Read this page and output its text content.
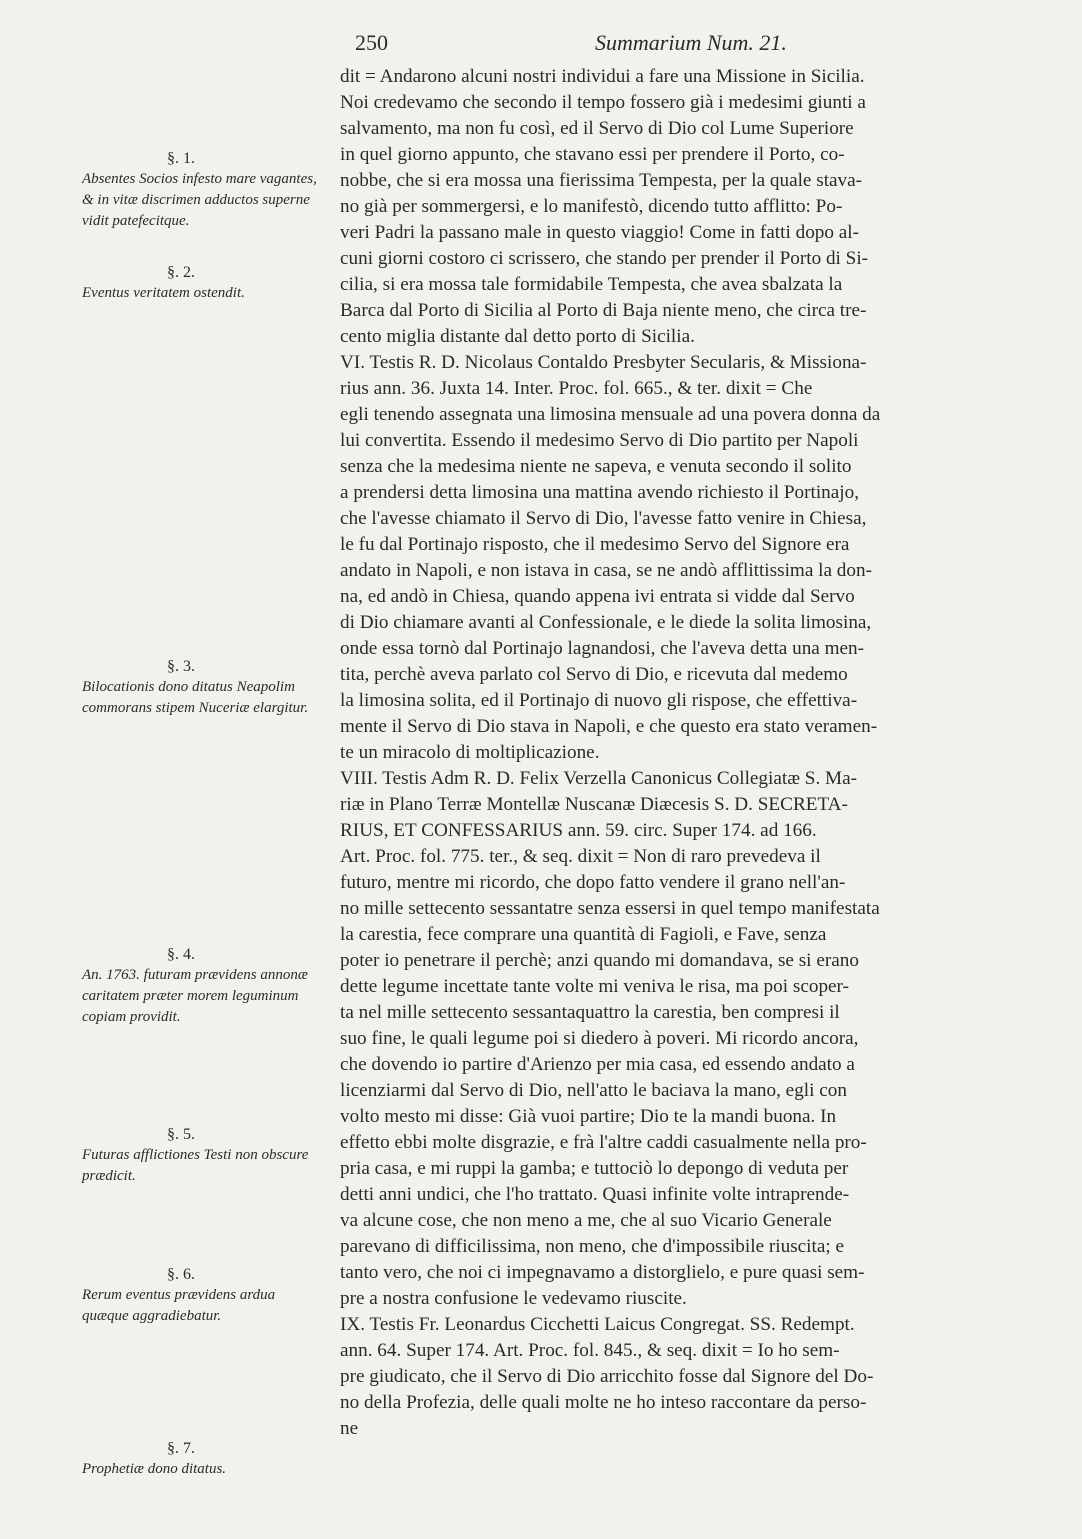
250	Summarium Num. 21.
§. 1.
Absentes Socios infesto mare vagantes, & in vitæ discrimen adductos superne vidit patefecitque.
§. 2.
Eventus veritatem ostendit.
§. 3.
Bilocationis dono ditatus Neapolim commorans stipem Nuceriæ elargitur.
§. 4.
An. 1763. futuram prævidens annonæ caritatem præter morem leguminum copiam providit.
§. 5.
Futuras afflictiones Testi non obscure prædicit.
§. 6.
Rerum eventus prævidens ardua quæque aggradiebatur.
§. 7.
Prophetiæ dono ditatus.
dit = Andarono alcuni nostri individui a fare una Missione in Sicilia.
Noi credevamo che secondo il tempo fossero già i medesimi giunti a
salvamento, ma non fu così, ed il Servo di Dio col Lume Superiore
in quel giorno appunto, che stavano essi per prendere il Porto, co-
nobbe, che si era mossa una fierissima Tempesta, per la quale stava-
no già per sommergersi, e lo manifestò, dicendo tutto afflitto: Po-
veri Padri la passano male in questo viaggio! Come in fatti dopo al-
cuni giorni costoro ci scrissero, che stando per prender il Porto di Si-
cilia, si era mossa tale formidabile Tempesta, che avea sbalzata la
Barca dal Porto di Sicilia al Porto di Baja niente meno, che circa tre-
cento miglia distante dal detto porto di Sicilia.
VI. Testis R. D. Nicolaus Contaldo Presbyter Secularis, & Missiona-
rius ann. 36. Juxta 14. Inter. Proc. fol. 665., & ter. dixit = Che
egli tenendo assegnata una limosina mensuale ad una povera donna da
lui convertita. Essendo il medesimo Servo di Dio partito per Napoli
senza che la medesima niente ne sapeva, e venuta secondo il solito
a prendersi detta limosina una mattina avendo richiesto il Portinajo,
che l'avesse chiamato il Servo di Dio, l'avesse fatto venire in Chiesa,
le fu dal Portinajo risposto, che il medesimo Servo del Signore era
andato in Napoli, e non istava in casa, se ne andò afflittissima la don-
na, ed andò in Chiesa, quando appena ivi entrata si vidde dal Servo
di Dio chiamare avanti al Confessionale, e le diede la solita limosina,
onde essa tornò dal Portinajo lagnandosi, che l'aveva detta una men-
tita, perchè aveva parlato col Servo di Dio, e ricevuta dal medemo
la limosina solita, ed il Portinajo di nuovo gli rispose, che effettiva-
mente il Servo di Dio stava in Napoli, e che questo era stato veramen-
te un miracolo di moltiplicazione.
VIII. Testis Adm R. D. Felix Verzella Canonicus Collegiatæ S. Ma-
riæ in Plano Terræ Montellæ Nuscanæ Diæcesis S. D. SECRETA-
RIUS, ET CONFESSARIUS ann. 59. circ. Super 174. ad 166.
Art. Proc. fol. 775. ter., & seq. dixit = Non di raro prevedeva il
futuro, mentre mi ricordo, che dopo fatto vendere il grano nell'an-
no mille settecento sessantatre senza essersi in quel tempo manifestata
la carestia, fece comprare una quantità di Fagioli, e Fave, senza
poter io penetrare il perchè; anzi quando mi domandava, se si erano
dette legume incettate tante volte mi veniva le risa, ma poi scoper-
ta nel mille settecento sessantaquattro la carestia, ben compresi il
suo fine, le quali legume poi si diedero à poveri. Mi ricordo ancora,
che dovendo io partire d'Arienzo per mia casa, ed essendo andato a
licenziarmi dal Servo di Dio, nell'atto le baciava la mano, egli con
volto mesto mi disse: Già vuoi partire; Dio te la mandi buona. In
effetto ebbi molte disgrazie, e frà l'altre caddi casualmente nella pro-
pria casa, e mi ruppi la gamba; e tuttociò lo depongo di veduta per
detti anni undici, che l'ho trattato. Quasi infinite volte intraprende-
va alcune cose, che non meno a me, che al suo Vicario Generale
parevano di difficilissima, non meno, che d'impossibile riuscita; e
tanto vero, che noi ci impegnavamo a distorglielo, e pure quasi sem-
pre a nostra confusione le vedevamo riuscite.
IX. Testis Fr. Leonardus Cicchetti Laicus Congregat. SS. Redempt.
ann. 64. Super 174. Art. Proc. fol. 845., & seq. dixit = Io ho sem-
pre giudicato, che il Servo di Dio arricchito fosse dal Signore del Do-
no della Profezia, delle quali molte ne ho inteso raccontare da perso-
ne
